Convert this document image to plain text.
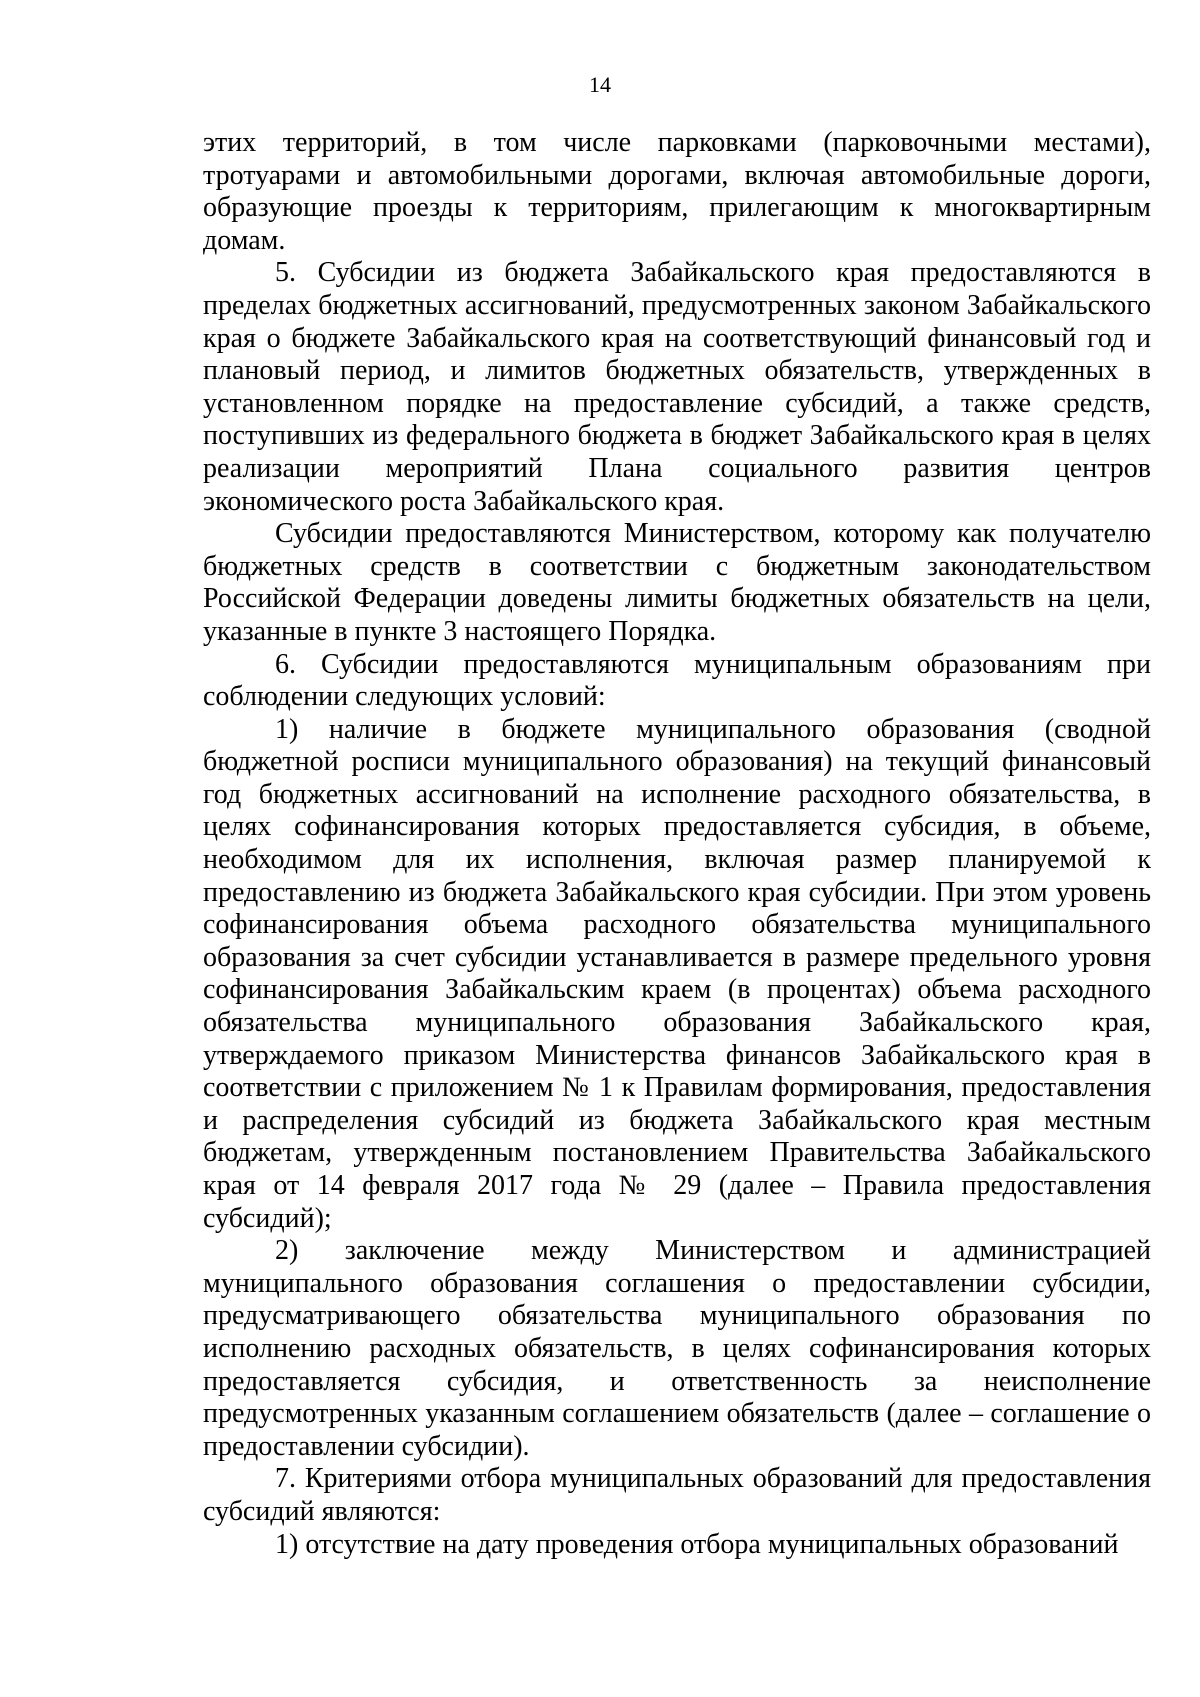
14

этих территорий, в том числе парковками (парковочными местами), тротуарами и автомобильными дорогами, включая автомобильные дороги, образующие проезды к территориям, прилегающим к многоквартирным домам.

5. Субсидии из бюджета Забайкальского края предоставляются в пределах бюджетных ассигнований, предусмотренных законом Забайкальского края о бюджете Забайкальского края на соответствующий финансовый год и плановый период, и лимитов бюджетных обязательств, утвержденных в установленном порядке на предоставление субсидий, а также средств, поступивших из федерального бюджета в бюджет Забайкальского края в целях реализации мероприятий Плана социального развития центров экономического роста Забайкальского края.

Субсидии предоставляются Министерством, которому как получателю бюджетных средств в соответствии с бюджетным законодательством Российской Федерации доведены лимиты бюджетных обязательств на цели, указанные в пункте 3 настоящего Порядка.

6. Субсидии предоставляются муниципальным образованиям при соблюдении следующих условий:

1) наличие в бюджете муниципального образования (сводной бюджетной росписи муниципального образования) на текущий финансовый год бюджетных ассигнований на исполнение расходного обязательства, в целях софинансирования которых предоставляется субсидия, в объеме, необходимом для их исполнения, включая размер планируемой к предоставлению из бюджета Забайкальского края субсидии. При этом уровень софинансирования объема расходного обязательства муниципального образования за счет субсидии устанавливается в размере предельного уровня софинансирования Забайкальским краем (в процентах) объема расходного обязательства муниципального образования Забайкальского края, утверждаемого приказом Министерства финансов Забайкальского края в соответствии с приложением № 1 к Правилам формирования, предоставления и распределения субсидий из бюджета Забайкальского края местным бюджетам, утвержденным постановлением Правительства Забайкальского края от 14 февраля 2017 года № 29 (далее – Правила предоставления субсидий);

2) заключение между Министерством и администрацией муниципального образования соглашения о предоставлении субсидии, предусматривающего обязательства муниципального образования по исполнению расходных обязательств, в целях софинансирования которых предоставляется субсидия, и ответственность за неисполнение предусмотренных указанным соглашением обязательств (далее – соглашение о предоставлении субсидии).

7. Критериями отбора муниципальных образований для предоставления субсидий являются:

1) отсутствие на дату проведения отбора муниципальных образований
